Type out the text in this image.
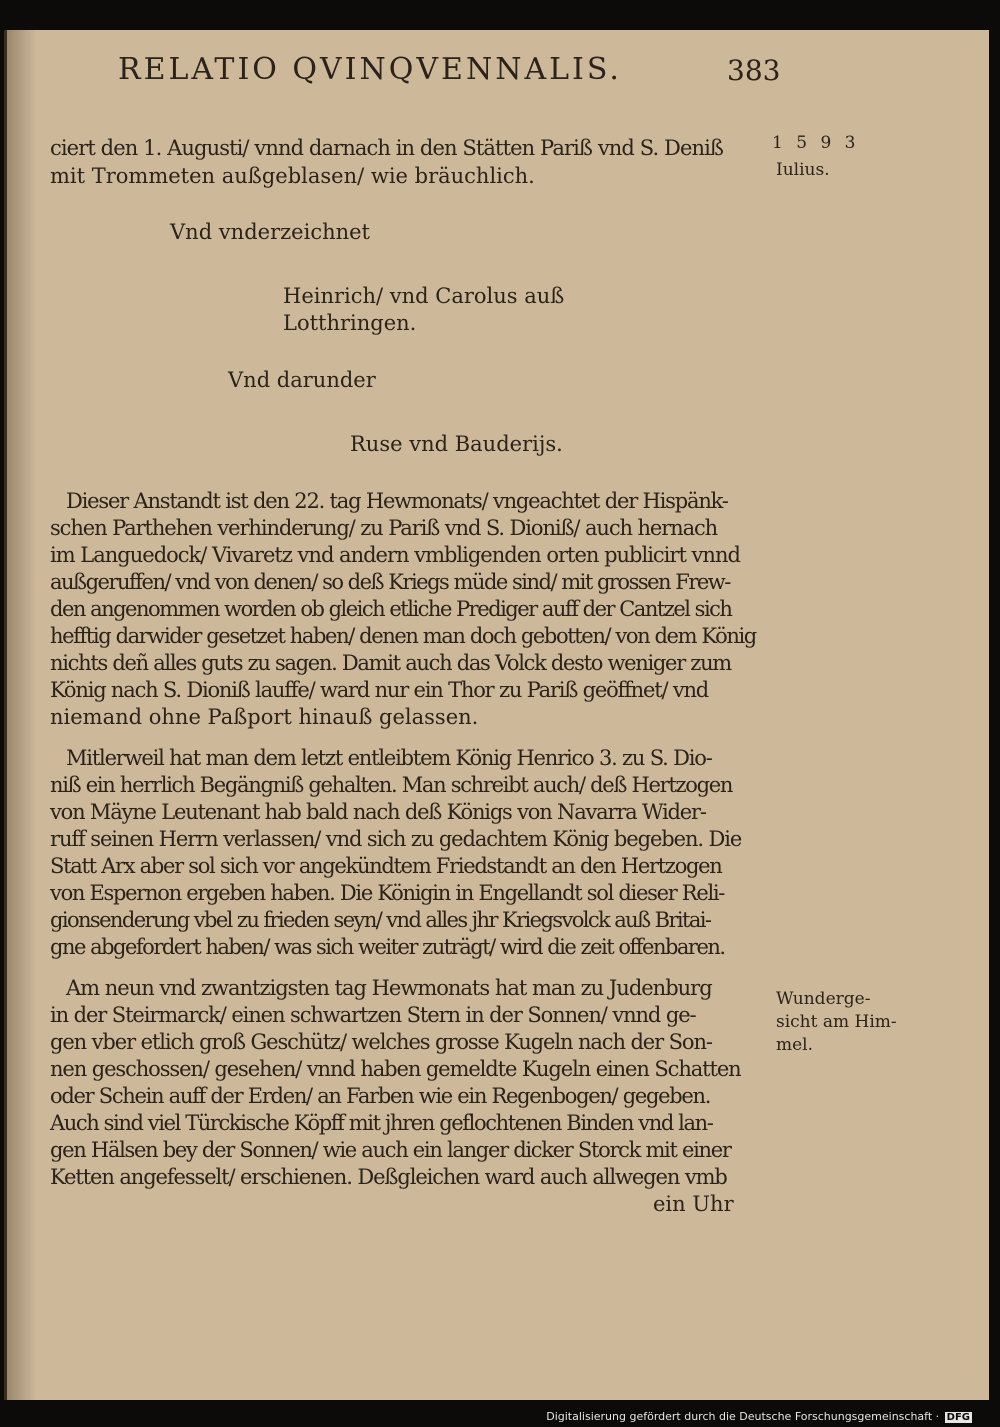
RELATIO QVINQVENNALIS.	383
1 5 9 3
Iulius.
Wunderge-
sicht am Him-
mel.
ciert den 1. Augusti/ vnnd darnach in den Stätten Pariß vnd S. Deniß
mit Trommeten außgeblasen/ wie bräuchlich.
Vnd vnderzeichnet
Heinrich/ vnd Carolus auß
Lotthringen.
Vnd darunder
Ruse vnd Bauderijs.
Dieser Anstandt ist den 22. tag Hewmonats/ vngeachtet der Hispänk-
schen Parthehen verhinderung/ zu Pariß vnd S. Dioniß/ auch hernach
im Languedock/ Vivaretz vnd andern vmbligenden orten publicirt vnnd
außgeruffen/ vnd von denen/ so deß Kriegs müde sind/ mit grossen Frew-
den angenommen worden ob gleich etliche Prediger auff der Cantzel sich
hefftig darwider gesetzet haben/ denen man doch gebotten/ von dem König
nichts deñ alles guts zu sagen. Damit auch das Volck desto weniger zum
König nach S. Dioniß lauffe/ ward nur ein Thor zu Pariß geöffnet/ vnd
niemand ohne Paßport hinauß gelassen.
Mitlerweil hat man dem letzt entleibtem König Henrico 3. zu S. Dio-
niß ein herrlich Begängniß gehalten. Man schreibt auch/ deß Hertzogen
von Mäyne Leutenant hab bald nach deß Königs von Navarra Wider-
ruff seinen Herrn verlassen/ vnd sich zu gedachtem König begeben. Die
Statt Arx aber sol sich vor angekündtem Friedstandt an den Hertzogen
von Espernon ergeben haben. Die Königin in Engellandt sol dieser Reli-
gionsenderung vbel zu frieden seyn/ vnd alles jhr Kriegsvolck auß Britai-
gne abgefordert haben/ was sich weiter zuträgt/ wird die zeit offenbaren.
Am neun vnd zwantzigsten tag Hewmonats hat man zu Judenburg
in der Steirmarck/ einen schwartzen Stern in der Sonnen/ vnnd ge-
gen vber etlich groß Geschütz/ welches grosse Kugeln nach der Son-
nen geschossen/ gesehen/ vnnd haben gemeldte Kugeln einen Schatten
oder Schein auff der Erden/ an Farben wie ein Regenbogen/ gegeben.
Auch sind viel Türckische Köpff mit jhren geflochtenen Binden vnd lan-
gen Hälsen bey der Sonnen/ wie auch ein langer dicker Storck mit einer
Ketten angefesselt/ erschienen. Deßgleichen ward auch allwegen vmb
ein Uhr
Digitalisierung gefördert durch die Deutsche Forschungsgemeinschaft · DFG
